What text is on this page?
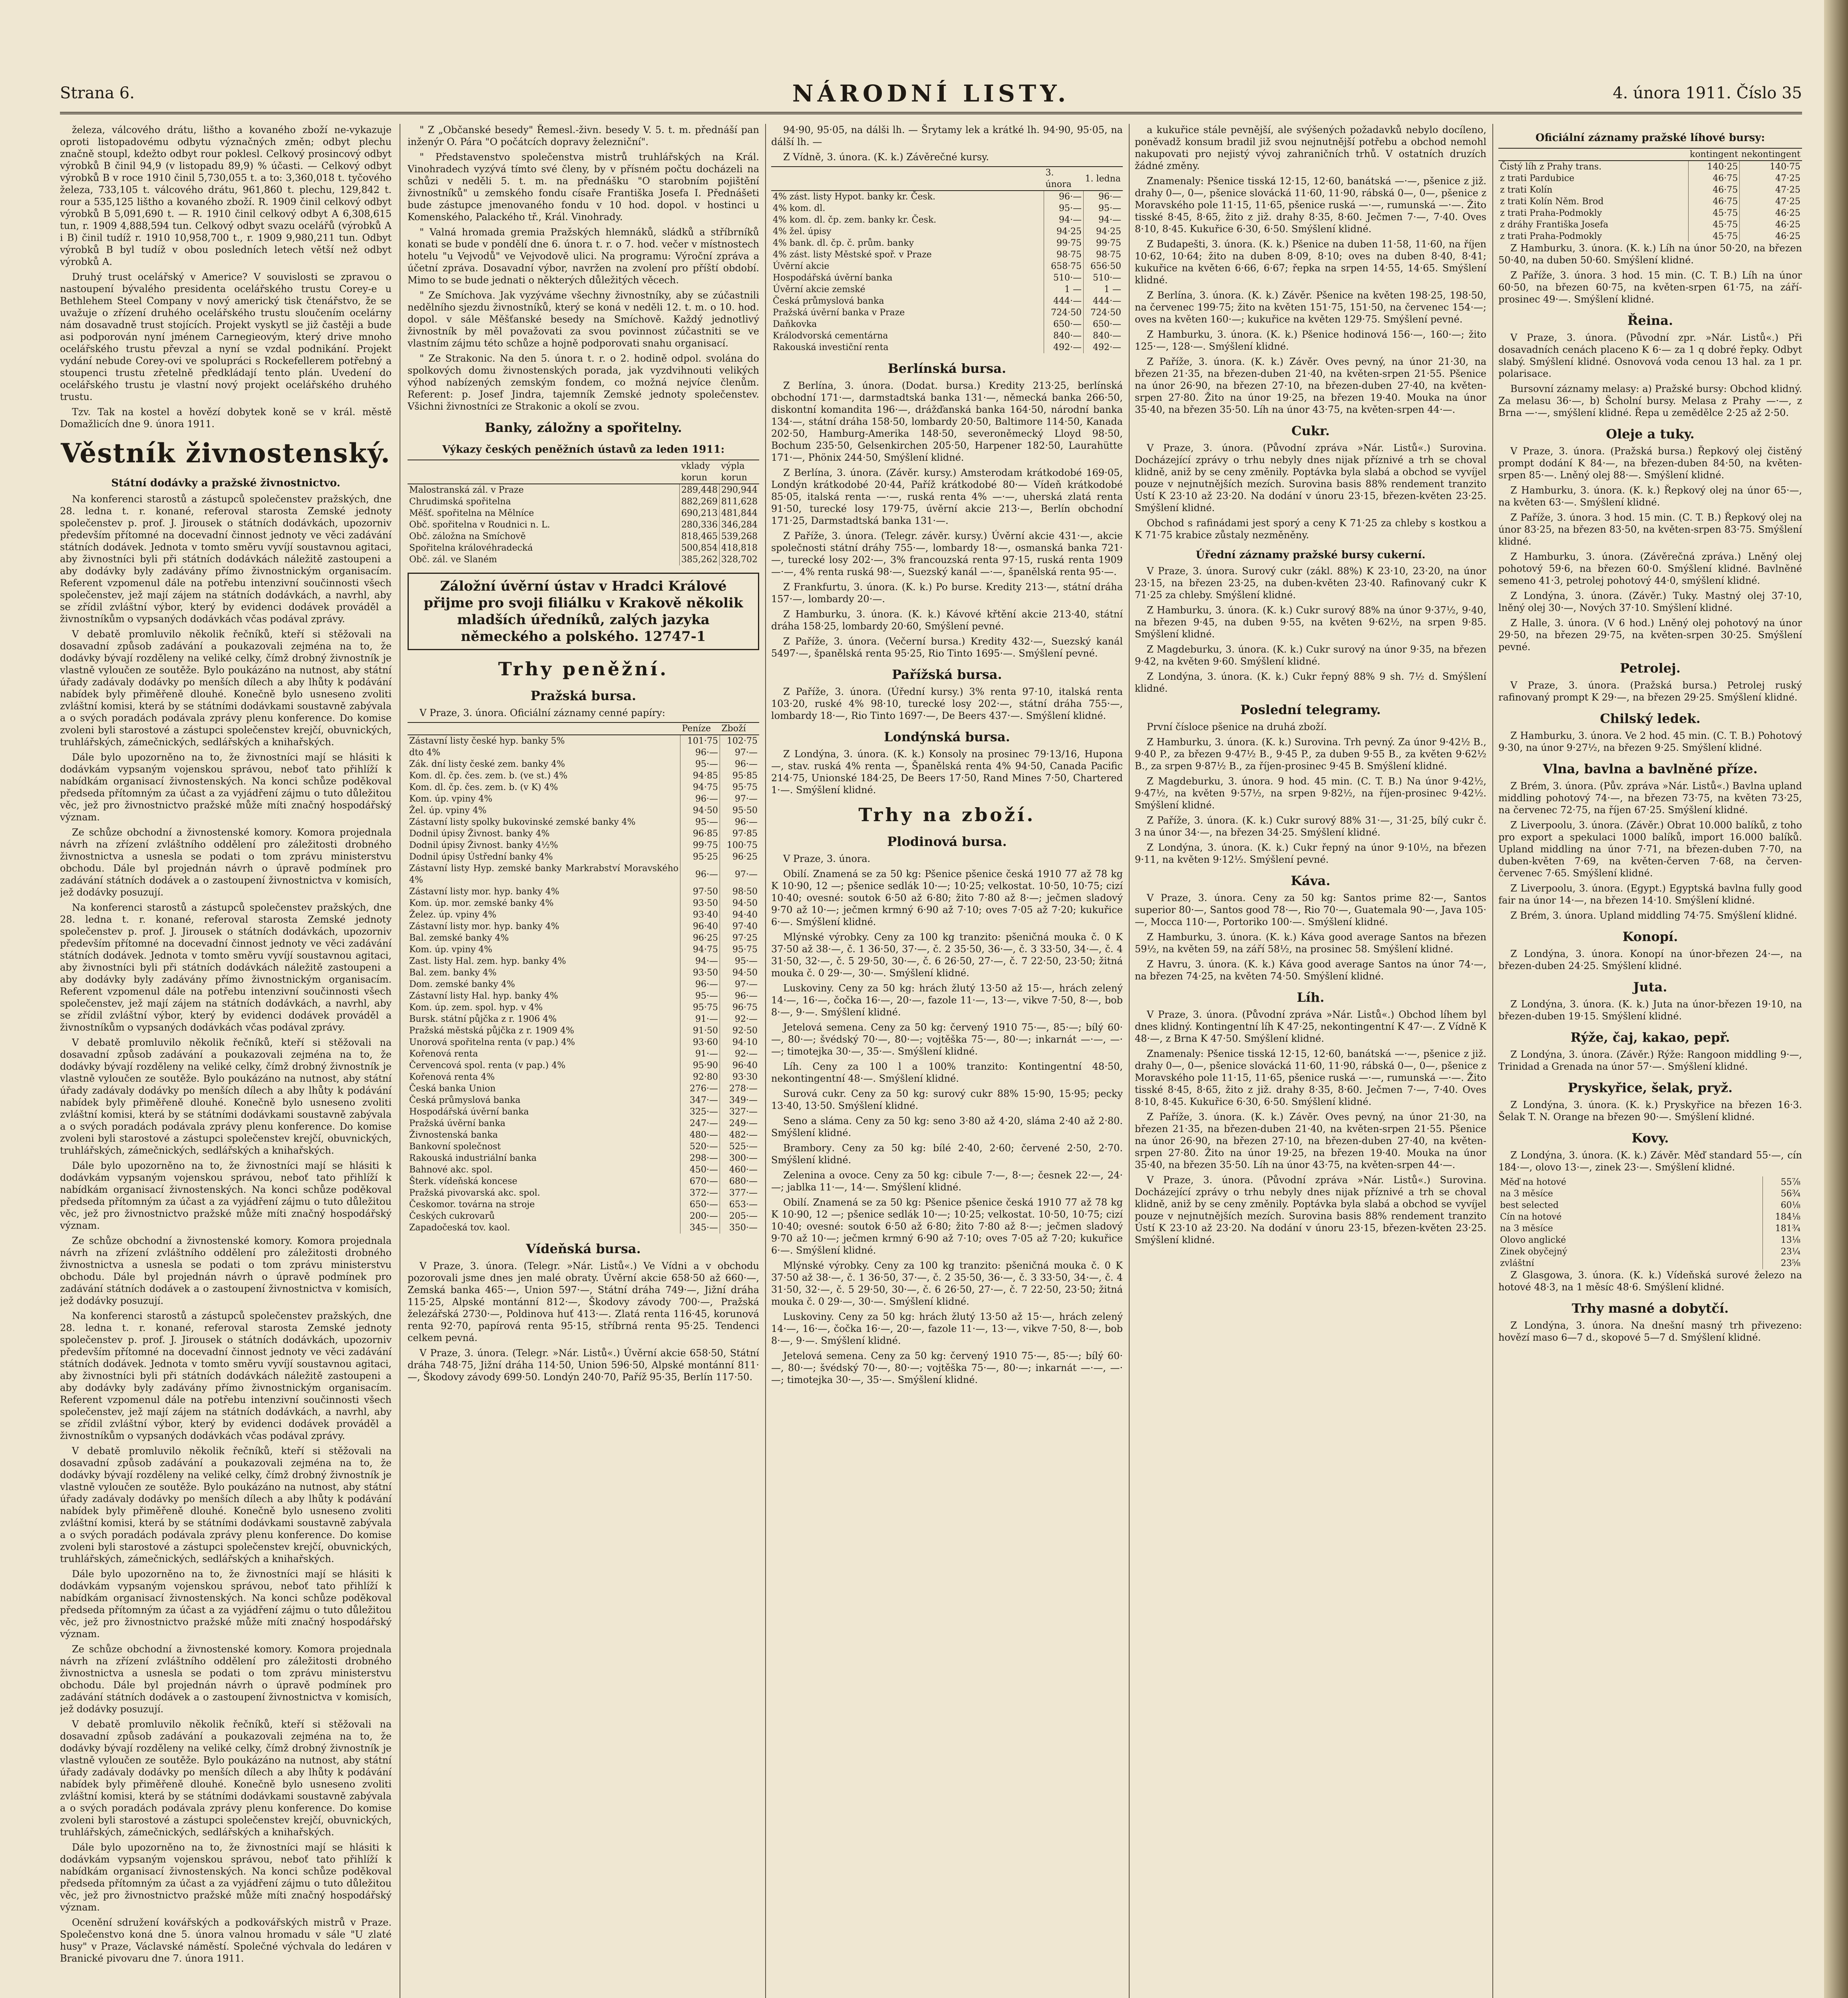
Strana 6.	NÁRODNÍ LISTY.	4. února 1911. Číslo 35

železa, válcového drátu, lištho a kovaného zboží ne-vykazuje oproti listopadovému odbytu význačných změn; odbyt plechu značně stoupl, kdežto odbyt rour poklesl. Celkový prosincový odbyt výrobků B činil 94,9 (v listopadu 89,9) % účasti. — Celkový odbyt výrobků B v roce 1910 činil 5,730,055 t. a to: 3,360,018 t. tyčového železa, 733,105 t. válcového drátu, 961,860 t. plechu, 129,842 t. rour a 535,125 lištho a kovaného zboží. R. 1909 činil celkový odbyt výrobků B 5,091,690 t. — R. 1910 činil celkový odbyt A 6,308,615 tun, r. 1909 4,888,594 tun. Celkový odbyt svazu ocelářů (výrobků A i B) činil tudíž r. 1910 10,958,700 t., r. 1909 9,980,211 tun. Odbyt výrobků B byl tudíž v obou posledních letech větší než odbyt výrobků A.

Druhý trust ocelářský v Americe? V souvislosti se zpravou o nastoupení bývalého presidenta ocelářského trustu Corey-e u Bethlehem Steel Company v nový americký tisk čtenářstvo, že se uvažuje o zřízení druhého ocelářského trustu sloučením ocelárny nám dosavadně trust stojících. Projekt vyskytl se již častěji a bude asi podporován nyní jménem Carnegieovým, který drive mnoho ocelářského trustu převzal a nyní se vzdal podnikání. Projekt vydání nebude Corey-ovi ve spolupráci s Rockefellerem potřebný a stoupenci trustu zřetelně předkládají tento plán. Uvedení do ocelářského trustu je vlastní nový projekt ocelářského druhého trustu.

Tzv. Tak na kostel a hovězí dobytek koně se v král. městě Domažlicích dne 9. února 1911.

Věstník živnostenský.
Státní dodávky a pražské živnostnictvo.

Na konferenci starostů a zástupců společenstev pražských, dne 28. ledna t. r. konané, referoval starosta Zemské jednoty společenstev p. prof. J. Jirousek o státních dodávkách, upozorniv především přítomné na docevadní činnost jednoty ve věci zadávání státních dodávek. Jednota v tomto směru vyvíjí soustavnou agitaci, aby živnostníci byli při státních dodávkách náležitě zastoupeni a aby dodávky byly zadávány přímo živnostnickým organisacím. Referent vzpomenul dále na potřebu intenzivní součinnosti všech společenstev, jež mají zájem na státních dodávkách, a navrhl, aby se zřídil zvláštní výbor, který by evidenci dodávek prováděl a živnostníkům o vypsaných dodávkách včas podával zprávy.

V debatě promluvilo několik řečníků, kteří si stěžovali na dosavadní způsob zadávání a poukazovali zejména na to, že dodávky bývají rozděleny na veliké celky, čímž drobný živnostník je vlastně vyloučen ze soutěže. Bylo poukázáno na nutnost, aby státní úřady zadávaly dodávky po menších dílech a aby lhůty k podávání nabídek byly přiměřeně dlouhé. Konečně bylo usneseno zvoliti zvláštní komisi, která by se státními dodávkami soustavně zabývala a o svých poradách podávala zprávy plenu konference. Do komise zvoleni byli starostové a zástupci společenstev krejčí, obuvnických, truhlářských, zámečnických, sedlářských a knihařských.

Dále bylo upozorněno na to, že živnostníci mají se hlásiti k dodávkám vypsaným vojenskou správou, neboť tato přihlíží k nabídkám organisací živnostenských. Na konci schůze poděkoval předseda přítomným za účast a za vyjádření zájmu o tuto důležitou věc, jež pro živnostnictvo pražské může míti značný hospodářský význam.

Ze schůze obchodní a živnostenské komory. Komora projednala návrh na zřízení zvláštního oddělení pro záležitosti drobného živnostnictva a usnesla se podati o tom zprávu ministerstvu obchodu. Dále byl projednán návrh o úpravě podmínek pro zadávání státních dodávek a o zastoupení živnostnictva v komisích, jež dodávky posuzují.

Na konferenci starostů a zástupců společenstev pražských, dne 28. ledna t. r. konané, referoval starosta Zemské jednoty společenstev p. prof. J. Jirousek o státních dodávkách, upozorniv především přítomné na docevadní činnost jednoty ve věci zadávání státních dodávek. Jednota v tomto směru vyvíjí soustavnou agitaci, aby živnostníci byli při státních dodávkách náležitě zastoupeni a aby dodávky byly zadávány přímo živnostnickým organisacím. Referent vzpomenul dále na potřebu intenzivní součinnosti všech společenstev, jež mají zájem na státních dodávkách, a navrhl, aby se zřídil zvláštní výbor, který by evidenci dodávek prováděl a živnostníkům o vypsaných dodávkách včas podával zprávy.

V debatě promluvilo několik řečníků, kteří si stěžovali na dosavadní způsob zadávání a poukazovali zejména na to, že dodávky bývají rozděleny na veliké celky, čímž drobný živnostník je vlastně vyloučen ze soutěže. Bylo poukázáno na nutnost, aby státní úřady zadávaly dodávky po menších dílech a aby lhůty k podávání nabídek byly přiměřeně dlouhé. Konečně bylo usneseno zvoliti zvláštní komisi, která by se státními dodávkami soustavně zabývala a o svých poradách podávala zprávy plenu konference. Do komise zvoleni byli starostové a zástupci společenstev krejčí, obuvnických, truhlářských, zámečnických, sedlářských a knihařských.

Dále bylo upozorněno na to, že živnostníci mají se hlásiti k dodávkám vypsaným vojenskou správou, neboť tato přihlíží k nabídkám organisací živnostenských. Na konci schůze poděkoval předseda přítomným za účast a za vyjádření zájmu o tuto důležitou věc, jež pro živnostnictvo pražské může míti značný hospodářský význam.

Ze schůze obchodní a živnostenské komory. Komora projednala návrh na zřízení zvláštního oddělení pro záležitosti drobného živnostnictva a usnesla se podati o tom zprávu ministerstvu obchodu. Dále byl projednán návrh o úpravě podmínek pro zadávání státních dodávek a o zastoupení živnostnictva v komisích, jež dodávky posuzují.

Na konferenci starostů a zástupců společenstev pražských, dne 28. ledna t. r. konané, referoval starosta Zemské jednoty společenstev p. prof. J. Jirousek o státních dodávkách, upozorniv především přítomné na docevadní činnost jednoty ve věci zadávání státních dodávek. Jednota v tomto směru vyvíjí soustavnou agitaci, aby živnostníci byli při státních dodávkách náležitě zastoupeni a aby dodávky byly zadávány přímo živnostnickým organisacím. Referent vzpomenul dále na potřebu intenzivní součinnosti všech společenstev, jež mají zájem na státních dodávkách, a navrhl, aby se zřídil zvláštní výbor, který by evidenci dodávek prováděl a živnostníkům o vypsaných dodávkách včas podával zprávy.

V debatě promluvilo několik řečníků, kteří si stěžovali na dosavadní způsob zadávání a poukazovali zejména na to, že dodávky bývají rozděleny na veliké celky, čímž drobný živnostník je vlastně vyloučen ze soutěže. Bylo poukázáno na nutnost, aby státní úřady zadávaly dodávky po menších dílech a aby lhůty k podávání nabídek byly přiměřeně dlouhé. Konečně bylo usneseno zvoliti zvláštní komisi, která by se státními dodávkami soustavně zabývala a o svých poradách podávala zprávy plenu konference. Do komise zvoleni byli starostové a zástupci společenstev krejčí, obuvnických, truhlářských, zámečnických, sedlářských a knihařských.

Dále bylo upozorněno na to, že živnostníci mají se hlásiti k dodávkám vypsaným vojenskou správou, neboť tato přihlíží k nabídkám organisací živnostenských. Na konci schůze poděkoval předseda přítomným za účast a za vyjádření zájmu o tuto důležitou věc, jež pro živnostnictvo pražské může míti značný hospodářský význam.

Ze schůze obchodní a živnostenské komory. Komora projednala návrh na zřízení zvláštního oddělení pro záležitosti drobného živnostnictva a usnesla se podati o tom zprávu ministerstvu obchodu. Dále byl projednán návrh o úpravě podmínek pro zadávání státních dodávek a o zastoupení živnostnictva v komisích, jež dodávky posuzují.

V debatě promluvilo několik řečníků, kteří si stěžovali na dosavadní způsob zadávání a poukazovali zejména na to, že dodávky bývají rozděleny na veliké celky, čímž drobný živnostník je vlastně vyloučen ze soutěže. Bylo poukázáno na nutnost, aby státní úřady zadávaly dodávky po menších dílech a aby lhůty k podávání nabídek byly přiměřeně dlouhé. Konečně bylo usneseno zvoliti zvláštní komisi, která by se státními dodávkami soustavně zabývala a o svých poradách podávala zprávy plenu konference. Do komise zvoleni byli starostové a zástupci společenstev krejčí, obuvnických, truhlářských, zámečnických, sedlářských a knihařských.

Dále bylo upozorněno na to, že živnostníci mají se hlásiti k dodávkám vypsaným vojenskou správou, neboť tato přihlíží k nabídkám organisací živnostenských. Na konci schůze poděkoval předseda přítomným za účast a za vyjádření zájmu o tuto důležitou věc, jež pro živnostnictvo pražské může míti značný hospodářský význam.

Ocenění sdružení kovářských a podkovářských mistrů v Praze. Společenstvo koná dne 5. února valnou hromadu v sále "U zlaté husy" v Praze, Václavské náměstí. Společné výchvala do ledáren v Branické pivovaru dne 7. února 1911.

" Z „Občanské besedy" Řemesl.-živn. besedy V. 5. t. m. přednáší pan inženýr O. Pára "O počátcích dopravy železniční".

" Představenstvo společenstva mistrů truhlářských na Král. Vinohradech vyzývá tímto své členy, by v přísném počtu docházeli na schůzi v neděli 5. t. m. na přednášku "O starobním pojištění živnostníků" u zemského fondu císaře Františka Josefa I. Přednášeti bude zástupce jmenovaného fondu v 10 hod. dopol. v hostinci u Komenského, Palackého tř., Král. Vinohrady.

" Valná hromada gremia Pražských hlemnáků, sládků a stříbrníků konati se bude v pondělí dne 6. února t. r. o 7. hod. večer v místnostech hotelu "u Vejvodů" ve Vejvodově ulici. Na programu: Výroční zpráva a účetní zpráva. Dosavadní výbor, navržen na zvolení pro příští období. Mimo to se bude jednati o některých důležitých věcech.

" Ze Smíchova. Jak vyzýváme všechny živnostníky, aby se zúčastnili nedělního sjezdu živnostníků, který se koná v neděli 12. t. m. o 10. hod. dopol. v sále Měšťanské besedy na Smíchově. Každý jednotlivý živnostník by měl považovati za svou povinnost zúčastniti se ve vlastním zájmu této schůze a hojně podporovati snahu organisací.

" Ze Strakonic. Na den 5. února t. r. o 2. hodině odpol. svolána do spolkových domu živnostenských porada, jak vyzdvihnouti velikých výhod nabízených zemským fondem, co možná nejvíce členům. Referent: p. Josef Jindra, tajemník Zemské jednoty společenstev. Všichni živnostníci ze Strakonic a okolí se zvou.

Banky, záložny a spořitelny.
Výkazy českých peněžních ústavů za leden 1911:
	vklady korun	výpla korun
Malostranská zál. v Praze	289,448	290,944
Chrudimská spořitelna	882,269	811,628
Měšť. spořitelna na Mělníce	690,213	481,844
Obč. spořitelna v Roudnici n. L.	280,336	346,284
Obč. záložna na Smíchově	818,465	539,268
Spořitelna královéhradecká	500,854	418,818
Obč. zál. ve Slaném	385,262	328,702
Záložní úvěrní ústav v Hradci Králové přijme pro svoji filiálku v Krakově několik mladších úředníků, zalých jazyka německého a polského. 12747-1
Trhy peněžní.
Pražská bursa.

V Praze, 3. února. Oficiální záznamy cenné papíry:

	Peníze	Zboží
Zástavní listy české hyp. banky 5%	101·75	102·75
dto 4%	96·—	97·—
Zák. dní listy české zem. banky 4%	95·—	96·—
Kom. dl. čp. čes. zem. b. (ve st.) 4%	94·85	95·85
Kom. dl. čp. čes. zem. b. (v K) 4%	94·75	95·75
Kom. úp. vpiny 4%	96·—	97·—
Žel. úp. vpiny 4%	94·50	95·50
Zástavní listy spolky bukovinské zemské banky 4%	95·—	96·—
Dodnil úpisy Živnost. banky 4%	96·85	97·85
Dodnil úpisy Živnost. banky 4½%	99·75	100·75
Dodnil úpisy Ústřední banky 4%	95·25	96·25
Zástavní listy Hyp. zemské banky Markrabství Moravského 4%	96·—	97·—
Zástavní listy mor. hyp. banky 4%	97·50	98·50
Kom. úp. mor. zemské banky 4%	93·50	94·50
Želez. úp. vpiny 4%	93·40	94·40
Zástavní listy mor. hyp. banky 4%	96·40	97·40
Bal. zemské banky 4%	96·25	97·25
Kom. úp. vpiny 4%	94·75	95·75
Zast. listy Hal. zem. hyp. banky 4%	94·—	95·—
Bal. zem. banky 4%	93·50	94·50
Dom. zemské banky 4%	96·—	97·—
Zástavní listy Hal. hyp. banky 4%	95·—	96·—
Kom. úp. zem. spol. hyp. v 4%	95·75	96·75
Bursk. státní půjčka z r. 1906 4%	91·—	92·—
Pražská městská půjčka z r. 1909 4%	91·50	92·50
Unorová spořitelna renta (v pap.) 4%	93·60	94·10
Kořenová renta	91·—	92·—
Červencová spol. renta (v pap.) 4%	95·90	96·40
Kořenová renta 4%	92·80	93·30
Česká banka Union	276·—	278·—
Česká průmyslová banka	347·—	349·—
Hospodářská úvěrní banka	325·—	327·—
Pražská úvěrní banka	247·—	249·—
Živnostenská banka	480·—	482·—
Bankovní společnost	520·—	525·—
Rakouská industriální banka	298·—	300·—
Bahnové akc. spol.	450·—	460·—
Šterk. vídeňská koncese	670·—	680·—
Pražská pivovarská akc. spol.	372·—	377·—
Českomor. továrna na stroje	650·—	653·—
Českých cukrovarů	200·—	205·—
Zapadočeská tov. kaol.	345·—	350·—
Vídeňská bursa.

V Praze, 3. února. (Telegr. »Nár. Listů«.) Ve Vídni a v obchodu pozorovali jsme dnes jen malé obraty. Úvěrní akcie 658·50 až 660·—, Zemská banka 465·—, Union 597·—, Státní dráha 749·—, Jižní dráha 115·25, Alpské montánní 812·—, Škodovy závody 700·—, Pražská železářská 2730·—, Poldinova huť 413·—. Zlatá renta 116·45, korunová renta 92·70, papírová renta 95·15, stříbrná renta 95·25. Tendenci celkem pevná.

V Praze, 3. února. (Telegr. »Nár. Listů«.) Úvěrní akcie 658·50, Státní dráha 748·75, Jižní dráha 114·50, Union 596·50, Alpské montánní 811·—, Škodovy závody 699·50. Londýn 240·70, Paříž 95·35, Berlín 117·50.

94·90, 95·05, na dálši lh. — Šrytamy lek a krátké lh. 94·90, 95·05, na dálší lh. —

Z Vídně, 3. února. (K. k.) Závěrečné kursy.

	3. února	1. ledna
4% zást. listy Hypot. banky kr. Česk.	96·—	96·—
4% kom. dl.	95·—	95·—
4% kom. dl. čp. zem. banky kr. Česk.	94·—	94·—
4% žel. úpisy	94·25	94·25
4% bank. dl. čp. č. prům. banky	99·75	99·75
4% zást. listy Městské spoř. v Praze	98·75	98·75
Úvěrní akcie	658·75	656·50
Hospodářská úvěrní banka	510·—	510·—
Úvěrní akcie zemské	1 —	1 —
Česká průmyslová banka	444·—	444·—
Pražská úvěrní banka v Praze	724·50	724·50
Daňkovka	650·—	650·—
Králodvorská cementárna	840·—	840·—
Rakouská investiční renta	492·—	492·—
Berlínská bursa.

Z Berlína, 3. února. (Dodat. bursa.) Kredity 213·25, berlínská obchodní 171·—, darmstadtská banka 131·—, německá banka 266·50, diskontní komandita 196·—, drážďanská banka 164·50, národní banka 134·—, státní dráha 158·50, lombardy 20·50, Baltimore 114·50, Kanada 202·50, Hamburg-Amerika 148·50, severoněmecký Lloyd 98·50, Bochum 235·50, Gelsenkirchen 205·50, Harpener 182·50, Laurahütte 171·—, Phönix 244·50, Smýšlení klidné.

Z Berlína, 3. února. (Závěr. kursy.) Amsterodam krátkodobé 169·05, Londýn krátkodobé 20·44, Paříž krátkodobé 80·— Vídeň krátkodobé 85·05, italská renta —·—, ruská renta 4% —·—, uherská zlatá renta 91·50, turecké losy 179·75, úvěrní akcie 213·—, Berlín obchodní 171·25, Darmstadtská banka 131·—.

Z Paříže, 3. února. (Telegr. závěr. kursy.) Úvěrní akcie 431·—, akcie společnosti státní dráhy 755·—, lombardy 18·—, osmanská banka 721·—, turecké losy 202·—, 3% francouzská renta 97·15, ruská renta 1909 —·—, 4% renta ruská 98·—, Suezský kanál —·—, španělská renta 95·—.

Z Frankfurtu, 3. února. (K. k.) Po bursе. Kredity 213·—, státní dráha 157·—, lombardy 20·—.

Z Hamburku, 3. února. (K. k.) Kávové křtění akcie 213·40, státní dráha 158·25, lombardy 20·60, Smýšlení pevné.

Z Paříže, 3. února. (Večerní bursa.) Kredity 432·—, Suezský kanál 5497·—, španělská renta 95·25, Rio Tinto 1695·—. Smýšlení pevné.

Pařížská bursa.

Z Paříže, 3. února. (Úřední kursy.) 3% renta 97·10, italská renta 103·20, ruské 4% 98·10, turecké losy 202·—, státní dráha 755·—, lombardy 18·—, Rio Tinto 1697·—, De Beers 437·—. Smýšlení klidné.

Londýnská bursa.

Z Londýna, 3. února. (K. k.) Konsoly na prosinec 79·13/16, Hupona —, stav. ruská 4% renta —, Španělská renta 4% 94·50, Canada Pacific 214·75, Unionské 184·25, De Beers 17·50, Rand Mines 7·50, Chartered 1·—. Smýšlení klidné.

Trhy na zboží.
Plodinová bursa.

V Praze, 3. února.

Obilí. Znamená se za 50 kg: Pšenice pšenice česká 1910 77 až 78 kg K 10·90, 12 —; pšenice sedlák 10·—; 10·25; velkostat. 10·50, 10·75; cizí 10·40; ovesné: soutok 6·50 až 6·80; žito 7·80 až 8·—; ječmen sladový 9·70 až 10·—; ječmen krmný 6·90 až 7·10; oves 7·05 až 7·20; kukuřice 6·—. Smýšlení klidné.

Mlýnské výrobky. Ceny za 100 kg tranzito: pšeničná mouka č. 0 K 37·50 až 38·—, č. 1 36·50, 37·—, č. 2 35·50, 36·—, č. 3 33·50, 34·—, č. 4 31·50, 32·—, č. 5 29·50, 30·—, č. 6 26·50, 27·—, č. 7 22·50, 23·50; žitná mouka č. 0 29·—, 30·—. Smýšlení klidné.

Luskoviny. Ceny za 50 kg: hrách žlutý 13·50 až 15·—, hrách zelený 14·—, 16·—, čočka 16·—, 20·—, fazole 11·—, 13·—, vikve 7·50, 8·—, bob 8·—, 9·—. Smýšlení klidné.

Jetelová semena. Ceny za 50 kg: červený 1910 75·—, 85·—; bílý 60·—, 80·—; švédský 70·—, 80·—; vojtěška 75·—, 80·—; inkarnát —·—, —·—; timotejka 30·—, 35·—. Smýšlení klidné.

Líh. Ceny za 100 l a 100% tranzito: Kontingentní 48·50, nekontingentní 48·—. Smýšlení klidné.

Surová cukr. Ceny za 50 kg: surový cukr 88% 15·90, 15·95; pecky 13·40, 13·50. Smýšlení klidné.

Seno a sláma. Ceny za 50 kg: seno 3·80 až 4·20, sláma 2·40 až 2·80. Smýšlení klidné.

Bramborу. Ceny za 50 kg: bílé 2·40, 2·60; červené 2·50, 2·70. Smýšlení klidné.

Zelenina a ovoce. Ceny za 50 kg: cibule 7·—, 8·—; česnek 22·—, 24·—; jablka 11·—, 14·—. Smýšlení klidné.

Obilí. Znamená se za 50 kg: Pšenice pšenice česká 1910 77 až 78 kg K 10·90, 12 —; pšenice sedlák 10·—; 10·25; velkostat. 10·50, 10·75; cizí 10·40; ovesné: soutok 6·50 až 6·80; žito 7·80 až 8·—; ječmen sladový 9·70 až 10·—; ječmen krmný 6·90 až 7·10; oves 7·05 až 7·20; kukuřice 6·—. Smýšlení klidné.

Mlýnské výrobky. Ceny za 100 kg tranzito: pšeničná mouka č. 0 K 37·50 až 38·—, č. 1 36·50, 37·—, č. 2 35·50, 36·—, č. 3 33·50, 34·—, č. 4 31·50, 32·—, č. 5 29·50, 30·—, č. 6 26·50, 27·—, č. 7 22·50, 23·50; žitná mouka č. 0 29·—, 30·—. Smýšlení klidné.

Luskoviny. Ceny za 50 kg: hrách žlutý 13·50 až 15·—, hrách zelený 14·—, 16·—, čočka 16·—, 20·—, fazole 11·—, 13·—, vikve 7·50, 8·—, bob 8·—, 9·—. Smýšlení klidné.

Jetelová semena. Ceny za 50 kg: červený 1910 75·—, 85·—; bílý 60·—, 80·—; švédský 70·—, 80·—; vojtěška 75·—, 80·—; inkarnát —·—, —·—; timotejka 30·—, 35·—. Smýšlení klidné.

a kukuřice stále pevnější, ale svýšených požadavků nebylo docíleno, poněvadž konsum bradil již svou nejnutnější potřebu a obchod nemohl nakupovati pro nejistý vývoj zahraničních trhů. V ostatních druzích žádné změny.

Znamenaly: Pšenice tisská 12·15, 12·60, banátská —·—, pšenice z již. drahy 0—, 0—, pšenice slovácká 11·60, 11·90, rábská 0—, 0—, pšenice z Moravského pole 11·15, 11·65, pšenice ruská —·—, rumunská —·—. Žito tisské 8·45, 8·65, žito z již. drahy 8·35, 8·60. Ječmen 7·—, 7·40. Oves 8·10, 8·45. Kukuřice 6·30, 6·50. Smýšlení klidné.

Z Budapešti, 3. února. (K. k.) Pšenice na duben 11·58, 11·60, na říjen 10·62, 10·64; žito na duben 8·09, 8·10; oves na duben 8·40, 8·41; kukuřice na květen 6·66, 6·67; řepka na srpen 14·55, 14·65. Smýšlení klidné.

Z Berlína, 3. února. (K. k.) Závěr. Pšenice na květen 198·25, 198·50, na červenec 199·75; žito na květen 151·75, 151·50, na červenec 154·—; oves na květen 160·—; kukuřice na květen 129·75. Smýšlení pevné.

Z Hamburku, 3. února. (K. k.) Pšenice hodinová 156·—, 160·—; žito 125·—, 128·—. Smýšlení klidné.

Z Paříže, 3. února. (K. k.) Závěr. Oves pevný, na únor 21·30, na březen 21·35, na březen-duben 21·40, na květen-srpen 21·55. Pšenice na únor 26·90, na březen 27·10, na březen-duben 27·40, na květen-srpen 27·80. Žito na únor 19·25, na březen 19·40. Mouka na únor 35·40, na březen 35·50. Líh na únor 43·75, na květen-srpen 44·—.

Cukr.

V Praze, 3. února. (Původní zpráva »Nár. Listů«.) Surovina. Docházející zprávy o trhu nebyly dnes nijak příznivé a trh se choval klidně, aniž by se ceny změnily. Poptávka byla slabá a obchod se vyvíjel pouze v nejnutnějších mezích. Surovina basis 88% rendement tranzito Ústí K 23·10 až 23·20. Na dodání v únoru 23·15, březen-květen 23·25. Smýšlení klidné.

Obchod s rafinádami jest sporý a ceny K 71·25 za chleby s kostkou a K 71·75 krabice zůstaly nezměněny.

Úřední záznamy pražské bursy cukerní.

V Praze, 3. února. Surový cukr (zákl. 88%) K 23·10, 23·20, na únor 23·15, na březen 23·25, na duben-květen 23·40. Rafinovaný cukr K 71·25 za chleby. Smýšlení klidné.

Z Hamburku, 3. února. (K. k.) Cukr surový 88% na únor 9·37½, 9·40, na březen 9·45, na duben 9·55, na květen 9·62½, na srpen 9·85. Smýšlení klidné.

Z Magdeburku, 3. února. (K. k.) Cukr surový na únor 9·35, na březen 9·42, na květen 9·60. Smýšlení klidné.

Z Londýna, 3. února. (K. k.) Cukr řepný 88% 9 sh. 7½ d. Smýšlení klidné.

Poslední telegramy.

První čísloce pšenice na druhá zboží.

Z Hamburku, 3. února. (K. k.) Surovina. Trh pevný. Za únor 9·42½ B., 9·40 P., za březen 9·47½ B., 9·45 P., za duben 9·55 B., za květen 9·62½ B., za srpen 9·87½ B., za říjen-prosinec 9·45 B. Smýšlení klidné.

Z Magdeburku, 3. února. 9 hod. 45 min. (C. T. B.) Na únor 9·42½, 9·47½, na květen 9·57½, na srpen 9·82½, na říjen-prosinec 9·42½. Smýšlení klidné.

Z Paříže, 3. února. (K. k.) Cukr surový 88% 31·—, 31·25, bílý cukr č. 3 na únor 34·—, na březen 34·25. Smýšlení klidné.

Z Londýna, 3. února. (K. k.) Cukr řepný na únor 9·10½, na březen 9·11, na květen 9·12½. Smýšlení pevné.

Káva.

V Praze, 3. února. Ceny za 50 kg: Santos prime 82·—, Santos superior 80·—, Santos good 78·—, Rio 70·—, Guatemala 90·—, Java 105·—, Mocca 110·—, Portoriko 100·—. Smýšlení klidné.

Z Hamburku, 3. února. (K. k.) Káva good average Santos na březen 59½, na květen 59, na září 58½, na prosinec 58. Smýšlení klidné.

Z Havru, 3. února. (K. k.) Káva good average Santos na únor 74·—, na březen 74·25, na květen 74·50. Smýšlení klidné.

Líh.

V Praze, 3. února. (Původní zpráva »Nár. Listů«.) Obchod líhem byl dnes klidný. Kontingentní líh K 47·25, nekontingentní K 47·—. Z Vídně K 48·—, z Brna K 47·50. Smýšlení klidné.

Znamenaly: Pšenice tisská 12·15, 12·60, banátská —·—, pšenice z již. drahy 0—, 0—, pšenice slovácká 11·60, 11·90, rábská 0—, 0—, pšenice z Moravského pole 11·15, 11·65, pšenice ruská —·—, rumunská —·—. Žito tisské 8·45, 8·65, žito z již. drahy 8·35, 8·60. Ječmen 7·—, 7·40. Oves 8·10, 8·45. Kukuřice 6·30, 6·50. Smýšlení klidné.

Z Paříže, 3. února. (K. k.) Závěr. Oves pevný, na únor 21·30, na březen 21·35, na březen-duben 21·40, na květen-srpen 21·55. Pšenice na únor 26·90, na březen 27·10, na březen-duben 27·40, na květen-srpen 27·80. Žito na únor 19·25, na březen 19·40. Mouka na únor 35·40, na březen 35·50. Líh na únor 43·75, na květen-srpen 44·—.

V Praze, 3. února. (Původní zpráva »Nár. Listů«.) Surovina. Docházející zprávy o trhu nebyly dnes nijak příznivé a trh se choval klidně, aniž by se ceny změnily. Poptávka byla slabá a obchod se vyvíjel pouze v nejnutnějších mezích. Surovina basis 88% rendement tranzito Ústí K 23·10 až 23·20. Na dodání v únoru 23·15, březen-květen 23·25. Smýšlení klidné.

Oficiální záznamy pražské líhové bursy:
	kontingent	nekontingent
Čistý líh z Prahy trans.	140·25	140·75
z trati Pardubice	46·75	47·25
z trati Kolín	46·75	47·25
z trati Kolín Něm. Brod	46·75	47·25
z trati Praha-Podmokly	45·75	46·25
z dráhy Františka Josefa	45·75	46·25
z trati Praha-Podmokly	45·75	46·25

Z Hamburku, 3. února. (K. k.) Líh na únor 50·20, na březen 50·40, na duben 50·60. Smýšlení klidné.

Z Paříže, 3. února. 3 hod. 15 min. (C. T. B.) Líh na únor 60·50, na březen 60·75, na květen-srpen 61·75, na září-prosinec 49·—. Smýšlení klidné.

Řeina.

V Praze, 3. února. (Původní zpr. »Nár. Listů«.) Při dosavadních cenách placeno K 6·— za 1 q dobré řepky. Odbyt slabý. Smýšlení klidné. Osnovová voda cenou 13 hal. za 1 pr. polarisace.

Bursovní záznamy melasy: a) Pražské bursy: Obchod klidný. Za melasu 36·—, b) Šcholní bursy. Melasa z Prahy —·—, z Brna —·—, smýšlení klidné. Řepa u zemědělce 2·25 až 2·50.

Oleje a tuky.

V Praze, 3. února. (Pražská bursa.) Řepkový olej čistěný prompt dodání K 84·—, na březen-duben 84·50, na květen-srpen 85·—. Lněný olej 88·—. Smýšlení klidné.

Z Hamburku, 3. února. (K. k.) Řepkový olej na únor 65·—, na květen 63·—. Smýšlení klidné.

Z Paříže, 3. února. 3 hod. 15 min. (C. T. B.) Řepkový olej na únor 83·25, na březen 83·50, na květen-srpen 83·75. Smýšlení klidné.

Z Hamburku, 3. února. (Závěrečná zpráva.) Lněný olej pohotový 59·6, na březen 60·0. Smýšlení klidné. Bavlněné semeno 41·3, petrolej pohotový 44·0, smýšlení klidné.

Z Londýna, 3. února. (Závěr.) Tuky. Mastný olej 37·10, lněný olej 30·—, Nových 37·10. Smýšlení klidné.

Z Halle, 3. února. (V 6 hod.) Lněný olej pohotový na únor 29·50, na březen 29·75, na květen-srpen 30·25. Smýšlení pevné.

Petrolej.

V Praze, 3. února. (Pražská bursa.) Petrolej ruský rafinovaný prompt K 29·—, na březen 29·25. Smýšlení klidné.

Chilský ledek.

Z Hamburku, 3. února. Ve 2 hod. 45 min. (C. T. B.) Pohotový 9·30, na únor 9·27½, na březen 9·25. Smýšlení klidné.

Vlna, bavlna a bavlněné příze.

Z Brém, 3. února. (Pův. zpráva »Nár. Listů«.) Bavlna upland middling pohotový 74·—, na březen 73·75, na květen 73·25, na červenec 72·75, na říjen 67·25. Smýšlení klidné.

Z Liverpoolu, 3. února. (Závěr.) Obrat 10.000 balíků, z toho pro export a spekulaci 1000 balíků, import 16.000 balíků. Upland middling na únor 7·71, na březen-duben 7·70, na duben-květen 7·69, na květen-červen 7·68, na červen-červenec 7·65. Smýšlení klidné.

Z Liverpoolu, 3. února. (Egypt.) Egyptská bavlna fully good fair na únor 14·—, na březen 14·10. Smýšlení klidné.

Z Brém, 3. února. Upland middling 74·75. Smýšlení klidné.

Konopí.

Z Londýna, 3. února. Konopí na únor-březen 24·—, na březen-duben 24·25. Smýšlení klidné.

Juta.

Z Londýna, 3. února. (K. k.) Juta na únor-březen 19·10, na březen-duben 19·15. Smýšlení klidné.

Rýže, čaj, kakao, pepř.

Z Londýna, 3. února. (Závěr.) Rýže: Rangoon middling 9·—, Trinidad a Grenada na únor 57·—. Smýšlení klidné.

Pryskyřice, šelak, pryž.

Z Londýna, 3. února. (K. k.) Pryskyřice na březen 16·3. Šelak T. N. Orange na březen 90·—. Smýšlení klidné.

Kovy.

Z Londýna, 3. února. (K. k.) Závěr. Měď standard 55·—, cín 184·—, olovo 13·—, zinek 23·—. Smýšlení klidné.

Měď na hotové	55⅞
na 3 měsíce	56¾
best selected	60⅛
Cín na hotové	184⅛
na 3 měsíce	181¾
Olovo anglické	13⅛
Zinek obyčejný	23¼
zvláštní	23⅝

Z Glasgowa, 3. února. (K. k.) Vídeňská surové železo na hotové 48·3, na 1 měsíc 48·6. Smýšlení klidné.

Trhy masné a dobytčí.

Z Londýna, 3. února. Na dnešní masný trh přivezeno: hovězí maso 6—7 d., skopové 5—7 d. Smýšlení klidné.
